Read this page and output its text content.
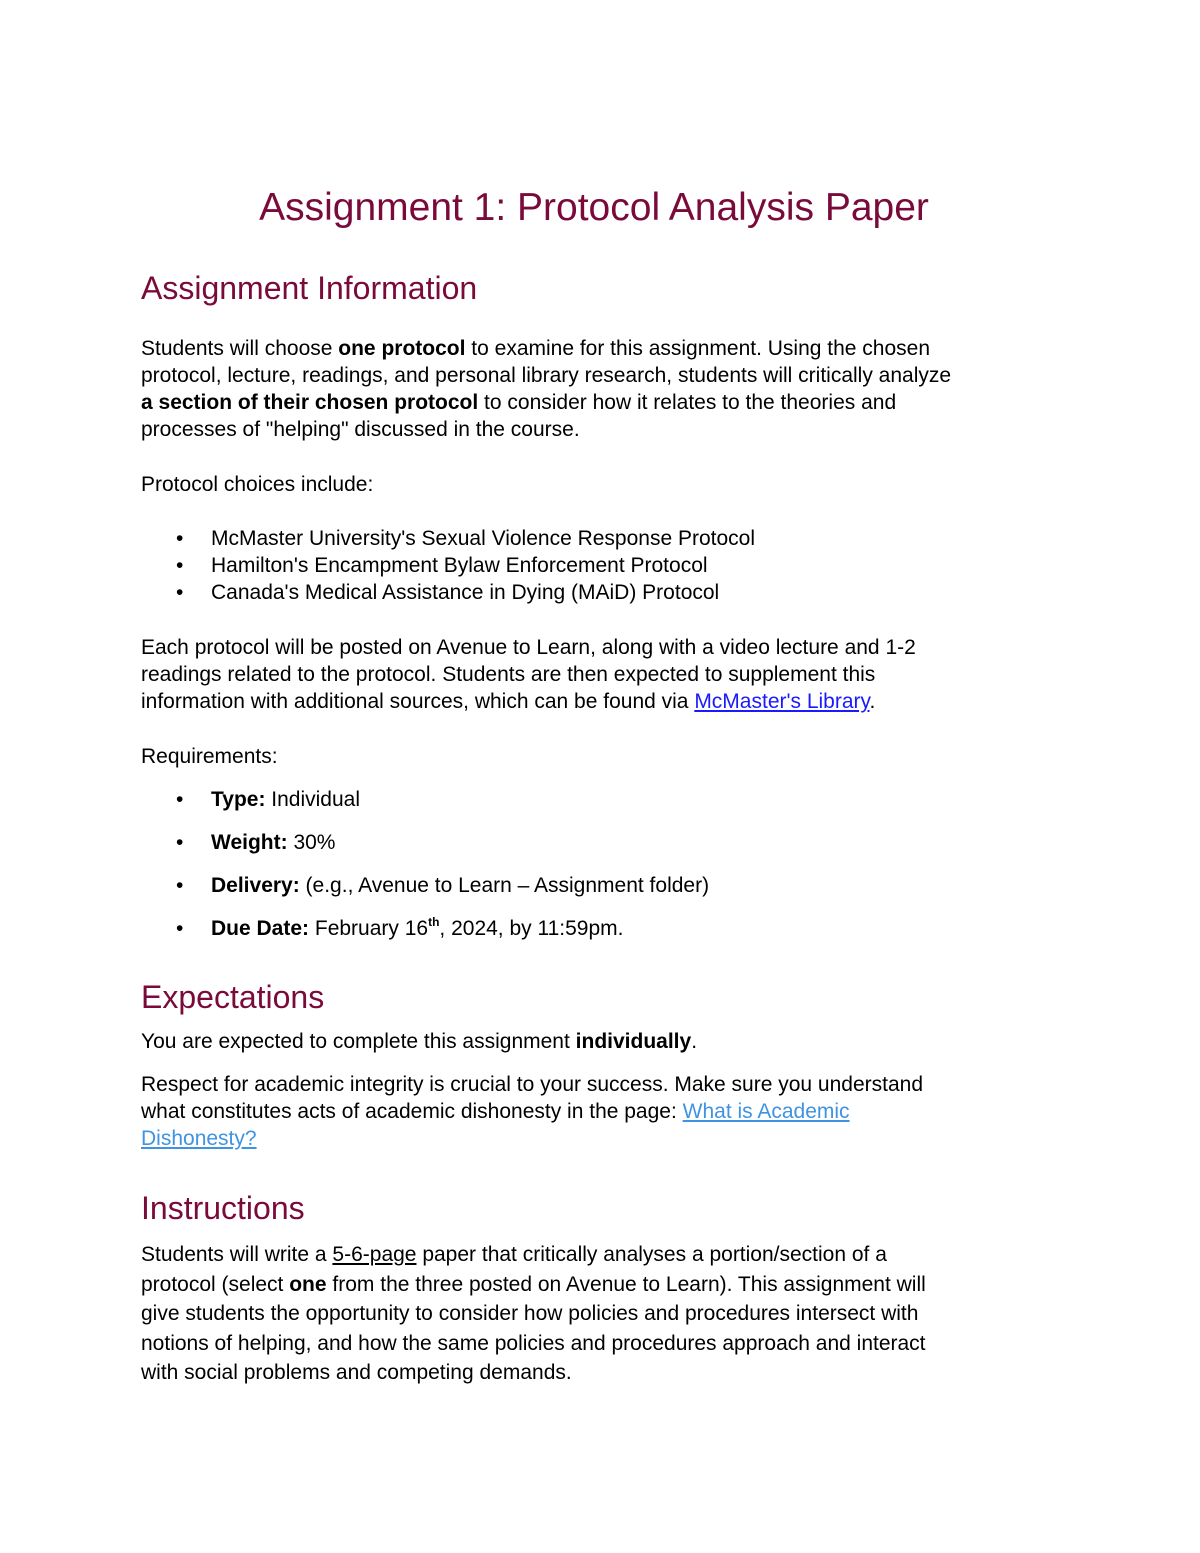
Assignment 1: Protocol Analysis Paper
Assignment Information

Students will choose one protocol to examine for this assignment. Using the chosen
protocol, lecture, readings, and personal library research, students will critically analyze
a section of their chosen protocol to consider how it relates to the theories and
processes of "helping" discussed in the course.

Protocol choices include:

• McMaster University's Sexual Violence Response Protocol
• Hamilton's Encampment Bylaw Enforcement Protocol
• Canada's Medical Assistance in Dying (MAiD) Protocol

Each protocol will be posted on Avenue to Learn, along with a video lecture and 1-2
readings related to the protocol. Students are then expected to supplement this
information with additional sources, which can be found via McMaster's Library.

Requirements:

• Type: Individual
• Weight: 30%
• Delivery: (e.g., Avenue to Learn – Assignment folder)
• Due Date: February 16th, 2024, by 11:59pm.
Expectations

You are expected to complete this assignment individually.

Respect for academic integrity is crucial to your success. Make sure you understand
what constitutes acts of academic dishonesty in the page: What is Academic
Dishonesty?

Instructions

Students will write a 5-6-page paper that critically analyses a portion/section of a
protocol (select one from the three posted on Avenue to Learn). This assignment will
give students the opportunity to consider how policies and procedures intersect with
notions of helping, and how the same policies and procedures approach and interact
with social problems and competing demands.
